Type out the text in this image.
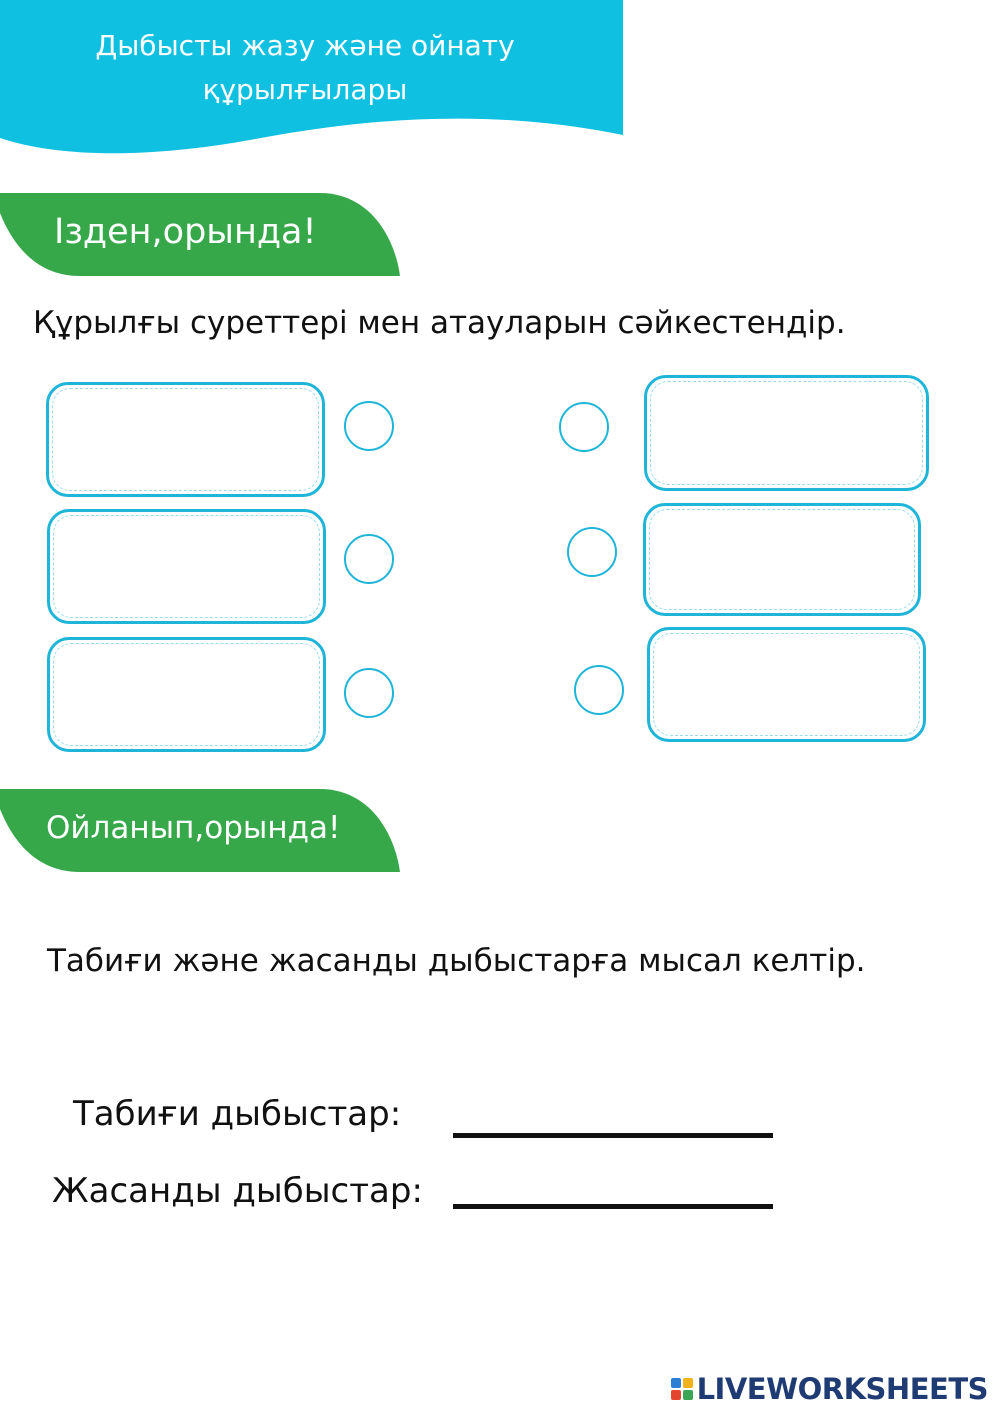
Дыбысты жазу және ойнату
құрылғылары
Ізден,орында!
Құрылғы суреттері мен атауларын сәйкестендір.
Ойланып,орында!
Табиғи және жасанды дыбыстарға мысал келтір.
Табиғи дыбыстар:
Жасанды дыбыстар:
LIVEWORKSHEETS
